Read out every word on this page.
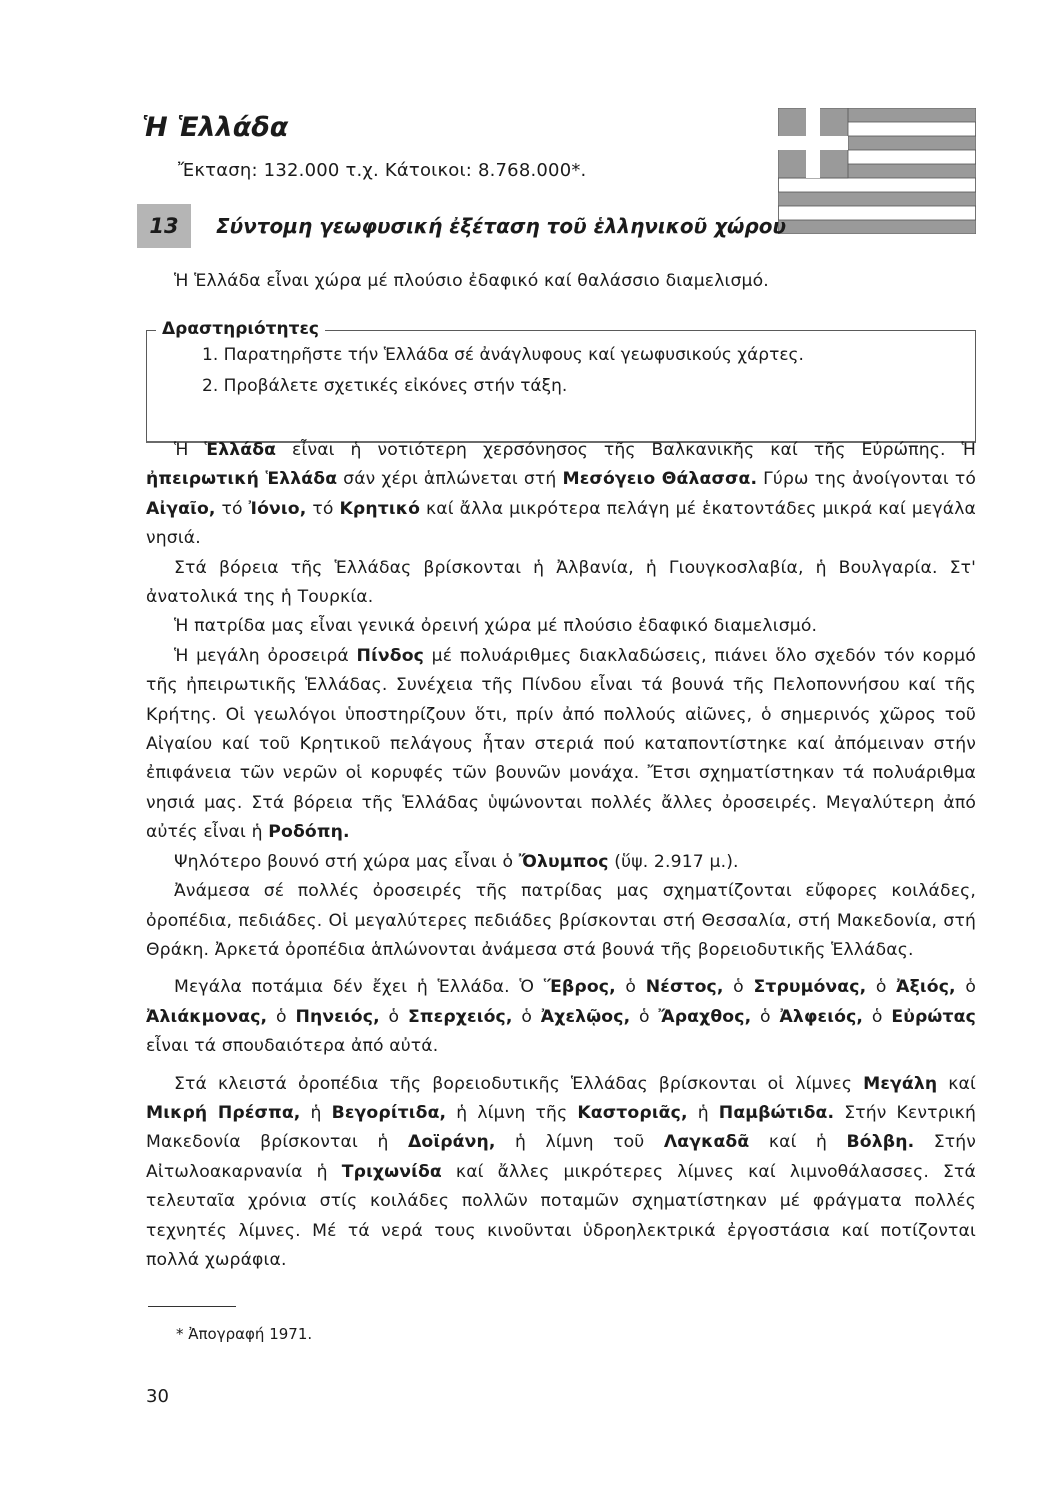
Ἡ Ἑλλάδα
Ἔκταση: 132.000 τ.χ. Κάτοικοι: 8.768.000*.
13	Σύντομη γεωφυσική ἐξέταση τοῦ ἑλληνικοῦ χώρου
Ἡ Ἑλλάδα εἶναι χώρα μέ πλούσιο ἐδαφικό καί θαλάσσιο διαμελισμό.
Δραστηριότητες
1. Παρατηρῆστε τήν Ἑλλάδα σέ ἀνάγλυφους καί γεωφυσικούς χάρτες.
2. Προβάλετε σχετικές εἰκόνες στήν τάξη.

Ἡ Ἑλλάδα εἶναι ἡ νοτιότερη χερσόνησος τῆς Βαλκανικῆς καί τῆς Εὐρώπης. Ἡ ἠπειρωτική Ἑλλάδα σάν χέρι ἁπλώνεται στή Μεσόγειο Θάλασσα. Γύρω της ἀνοίγονται τό Αἰγαῖο, τό Ἰόνιο, τό Κρητικό καί ἄλλα μικρότερα πελάγη μέ ἑκατοντάδες μικρά καί μεγάλα νησιά.

Στά βόρεια τῆς Ἑλλάδας βρίσκονται ἡ Ἀλβανία, ἡ Γιουγκοσλαβία, ἡ Βουλγαρία. Στ' ἀνατολικά της ἡ Τουρκία.

Ἡ πατρίδα μας εἶναι γενικά ὀρεινή χώρα μέ πλούσιο ἐδαφικό διαμελισμό.

Ἡ μεγάλη ὀροσειρά Πίνδος μέ πολυάριθμες διακλαδώσεις, πιάνει ὅλο σχεδόν τόν κορμό τῆς ἠπειρωτικῆς Ἑλλάδας. Συνέχεια τῆς Πίνδου εἶναι τά βουνά τῆς Πελοποννήσου καί τῆς Κρήτης. Οἱ γεωλόγοι ὑποστηρίζουν ὅτι, πρίν ἀπό πολλούς αἰῶνες, ὁ σημερινός χῶρος τοῦ Αἰγαίου καί τοῦ Κρητικοῦ πελάγους ἦταν στεριά πού καταποντίστηκε καί ἀπόμειναν στήν ἐπιφάνεια τῶν νερῶν οἱ κορυφές τῶν βουνῶν μονάχα. Ἔτσι σχηματίστηκαν τά πολυάριθμα νησιά μας. Στά βόρεια τῆς Ἑλλάδας ὑψώνονται πολλές ἄλλες ὀροσειρές. Μεγαλύτερη ἀπό αὐτές εἶναι ἡ Ροδόπη.

Ψηλότερο βουνό στή χώρα μας εἶναι ὁ Ὄλυμπος (ὕψ. 2.917 μ.).

Ἀνάμεσα σέ πολλές ὀροσειρές τῆς πατρίδας μας σχηματίζονται εὔφορες κοιλάδες, ὀροπέδια, πεδιάδες. Οἱ μεγαλύτερες πεδιάδες βρίσκονται στή Θεσσαλία, στή Μακεδονία, στή Θράκη. Ἀρκετά ὀροπέδια ἁπλώνονται ἀνάμεσα στά βουνά τῆς βορειοδυτικῆς Ἑλλάδας.

Μεγάλα ποτάμια δέν ἔχει ἡ Ἑλλάδα. Ὁ Ἕβρος, ὁ Νέστος, ὁ Στρυμόνας, ὁ Ἀξιός, ὁ Ἀλιάκμονας, ὁ Πηνειός, ὁ Σπερχειός, ὁ Ἀχελῷος, ὁ Ἄραχθος, ὁ Ἀλφειός, ὁ Εὐρώτας εἶναι τά σπουδαιότερα ἀπό αὐτά.

Στά κλειστά ὀροπέδια τῆς βορειοδυτικῆς Ἑλλάδας βρίσκονται οἱ λίμνες Μεγάλη καί Μικρή Πρέσπα, ἡ Βεγορίτιδα, ἡ λίμνη τῆς Καστοριᾶς, ἡ Παμβώτιδα. Στήν Κεντρική Μακεδονία βρίσκονται ἡ Δοϊράνη, ἡ λίμνη τοῦ Λαγκαδᾶ καί ἡ Βόλβη. Στήν Αἰτωλοακαρνανία ἡ Τριχωνίδα καί ἄλλες μικρότερες λίμνες καί λιμνοθάλασσες. Στά τελευταῖα χρόνια στίς κοιλάδες πολλῶν ποταμῶν σχηματίστηκαν μέ φράγματα πολλές τεχνητές λίμνες. Μέ τά νερά τους κινοῦνται ὑδροηλεκτρικά ἐργοστάσια καί ποτίζονται πολλά χωράφια.

* Ἀπογραφή 1971.
30
